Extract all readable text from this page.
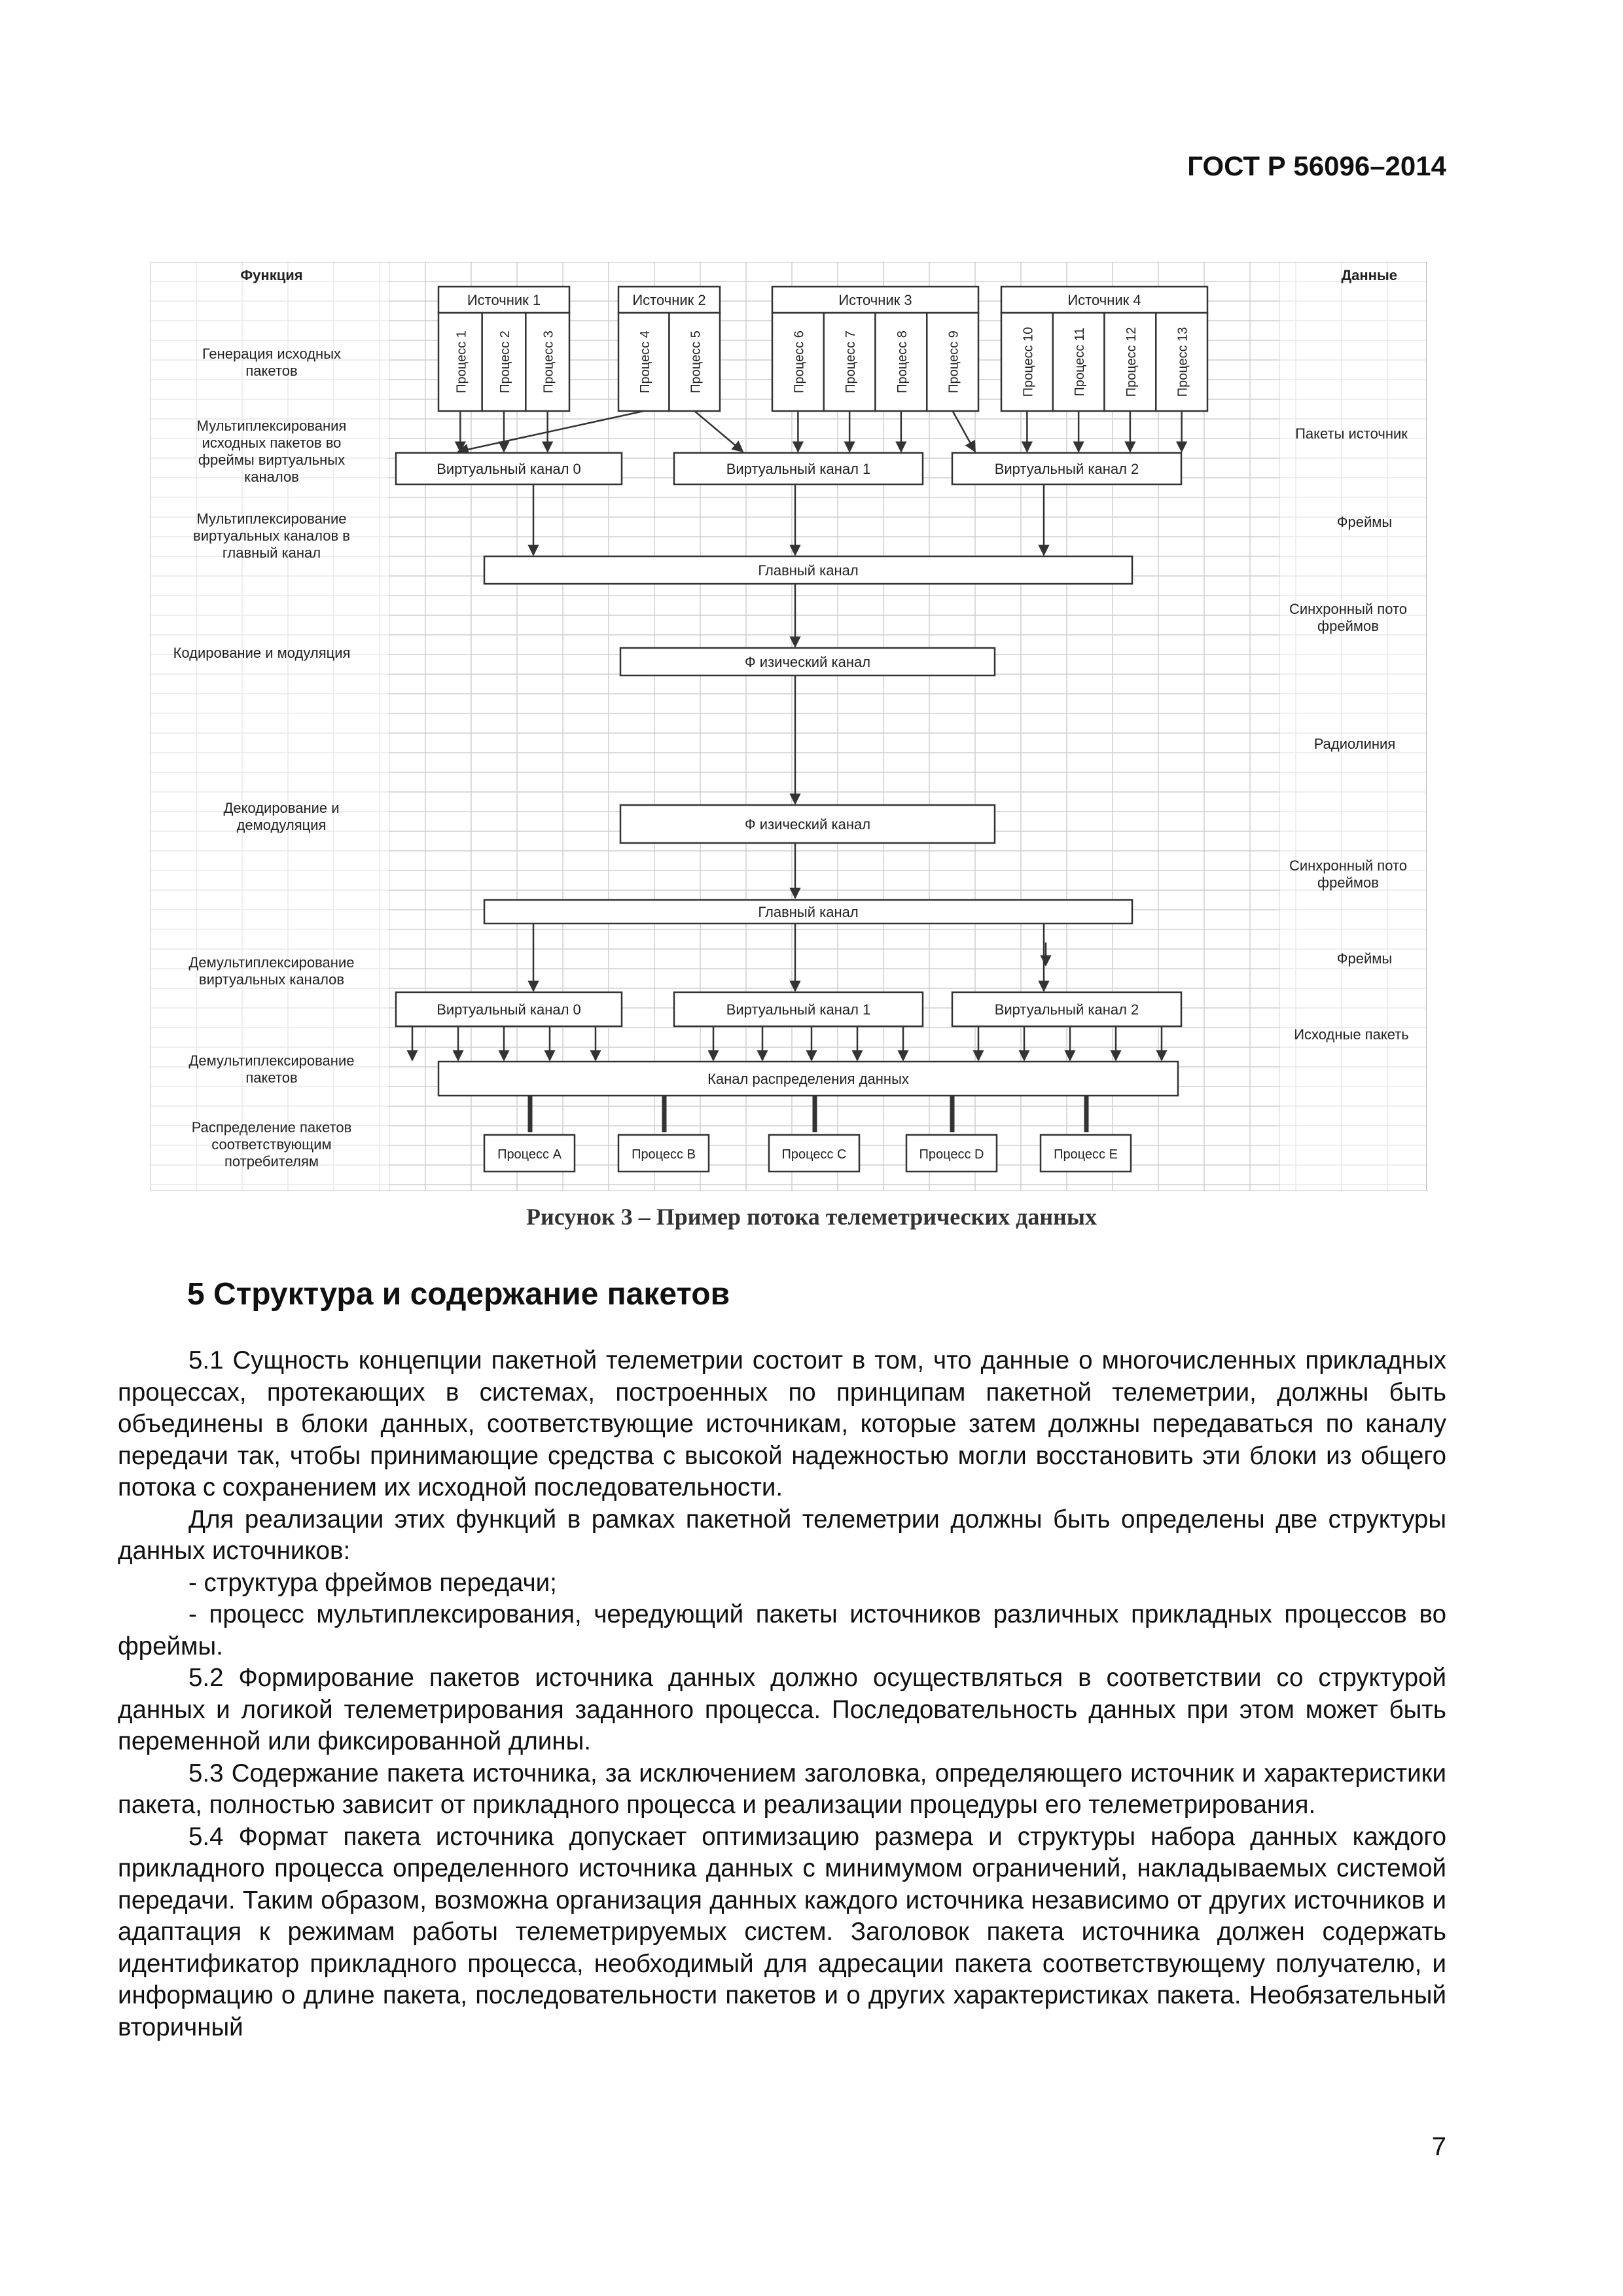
ГОСТ Р 56096–2014
Функция	Данные
Источник 1
Процесс 1 Процесс 2 Процесс 3
Источник 2
Процесс 4	Процесс 5
Источник 3
Процесс 6	Процесс 7	Процесс 8	Процесс 9
Источник 4
Процесс 10	Процесс 11	Процесс 12	Процесс 13
Виртуальный канал 0	Виртуальный канал 1	Виртуальный канал 2
Главный канал
Ф изический канал
Ф изический канал
Главный канал
Виртуальный канал 0	Виртуальный канал 1	Виртуальный канал 2
Канал распределения данных
Процесс A	Процесс B	Процесс C	Процесс D	Процесс E
Генерация исходных
пакетов
Мультиплексирования
исходных пакетов во
фреймы виртуальных
каналов
Мультиплексирование
виртуальных каналов в
главный канал
Кодирование и модуляция
Декодирование и
демодуляция
Демультиплексирование
виртуальных каналов
Демультиплексирование
пакетов
Распределение пакетов
соответствующим
потребителям
Пакеты источник
Фреймы
Синхронный пото
фреймов
Радиолиния
Синхронный пото
фреймов
Фреймы
Исходные пакеть
Рисунок 3 – Пример потока телеметрических данных
5 Структура и содержание пакетов

5.1 Сущность концепции пакетной телеметрии состоит в том, что данные о многочисленных прикладных процессах, протекающих в системах, построенных по принципам пакетной телеметрии, должны быть объединены в блоки данных, соответствующие источникам, которые затем должны передаваться по каналу передачи так, чтобы принимающие средства с высокой надежностью могли восстановить эти блоки из общего потока с сохранением их исходной последовательности.

Для реализации этих функций в рамках пакетной телеметрии должны быть определены две структуры данных источников:

- структура фреймов передачи;

- процесс мультиплексирования, чередующий пакеты источников различных прикладных процессов во фреймы.

5.2 Формирование пакетов источника данных должно осуществляться в соответствии со структурой данных и логикой телеметрирования заданного процесса. Последовательность данных при этом может быть переменной или фиксированной длины.

5.3 Содержание пакета источника, за исключением заголовка, определяющего источник и характеристики пакета, полностью зависит от прикладного процесса и реализации процедуры его телеметрирования.

5.4 Формат пакета источника допускает оптимизацию размера и структуры набора данных каждого прикладного процесса определенного источника данных с минимумом ограничений, накладываемых системой передачи. Таким образом, возможна организация данных каждого источника независимо от других источников и адаптация к режимам работы телеметрируемых систем. Заголовок пакета источника должен содержать идентификатор прикладного процесса, необходимый для адресации пакета соответствующему получателю, и информацию о длине пакета, последовательности пакетов и о других характеристиках пакета. Необязательный вторичный

7
